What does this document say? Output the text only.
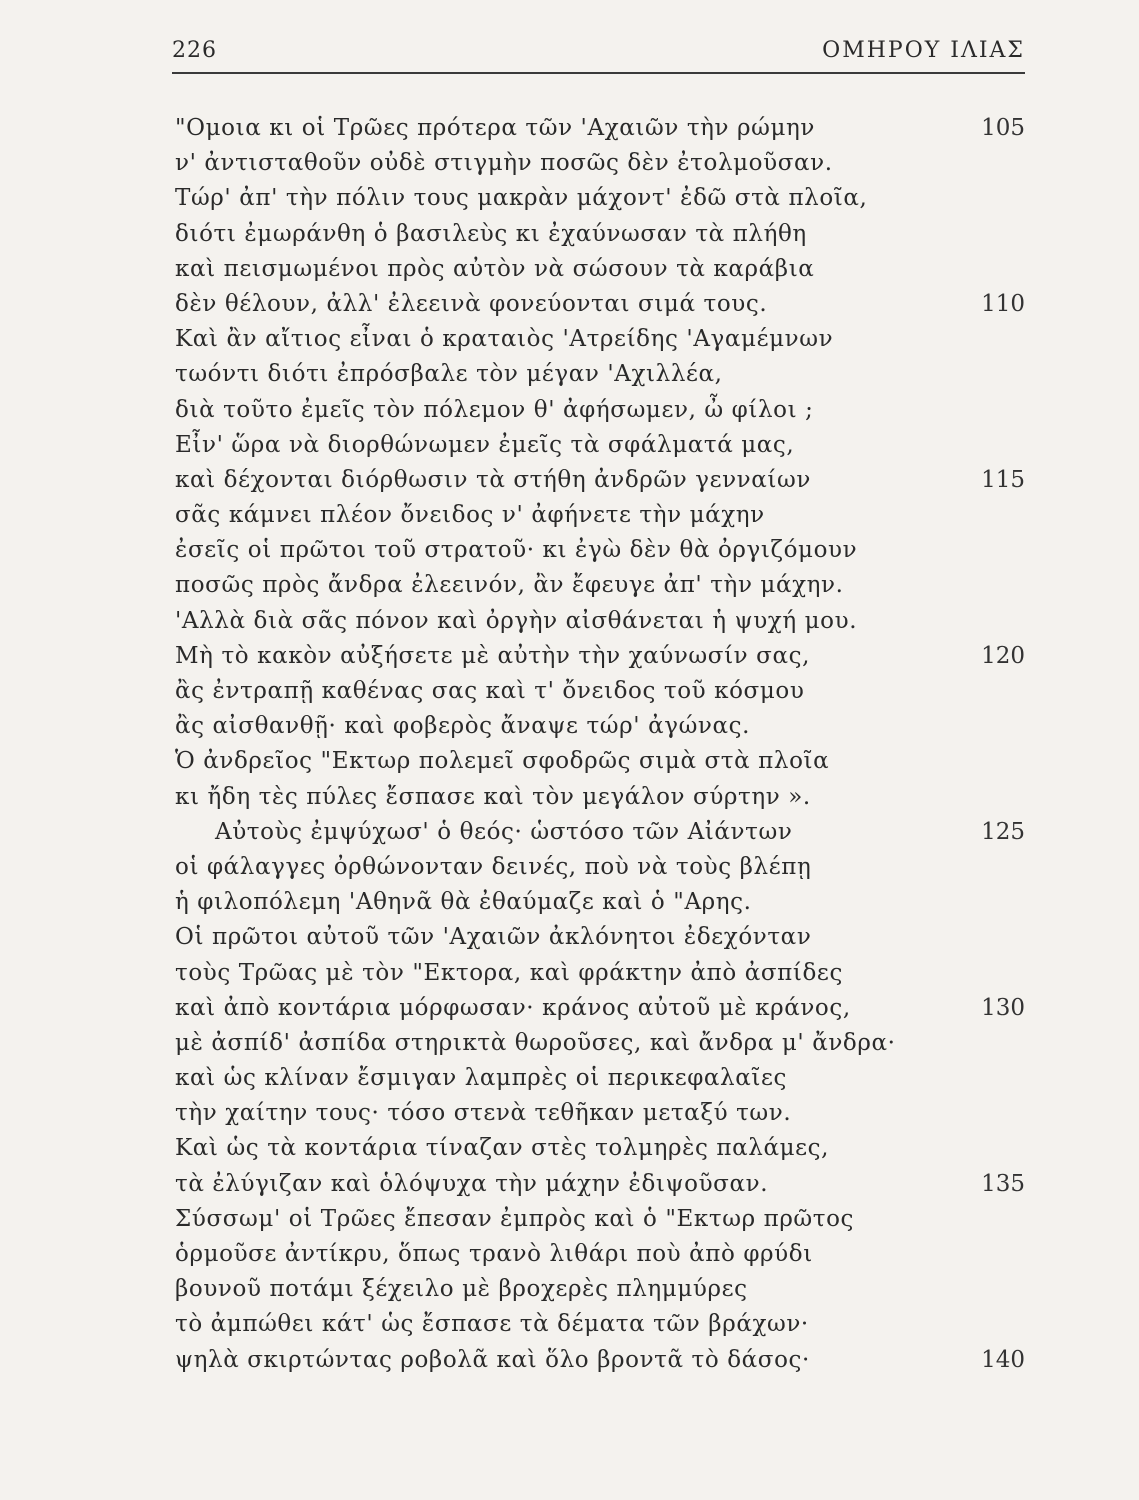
226	ΟΜΗΡΟΥ ΙΛΙΑΣ
"Ομοια κι οἱ Τρῶες πρότερα τῶν 'Αχαιῶν τὴν ρώμην	105
ν' ἀντισταθοῦν οὐδὲ στιγμὴν ποσῶς δὲν ἐτολμοῦσαν.
Τώρ' ἀπ' τὴν πόλιν τους μακρὰν μάχοντ' ἐδῶ στὰ πλοῖα,
διότι ἐμωράνθη ὁ βασιλεὺς κι ἐχαύνωσαν τὰ πλήθη
καὶ πεισμωμένοι πρὸς αὐτὸν νὰ σώσουν τὰ καράβια
δὲν θέλουν, ἀλλ' ἐλεεινὰ φονεύονται σιμά τους.	110
Καὶ ἂν αἴτιος εἶναι ὁ κραταιὸς 'Ατρείδης 'Αγαμέμνων
τωόντι διότι ἐπρόσβαλε τὸν μέγαν 'Αχιλλέα,
διὰ τοῦτο ἐμεῖς τὸν πόλεμον θ' ἀφήσωμεν, ὦ φίλοι ;
Εἶν' ὥρα νὰ διορθώνωμεν ἐμεῖς τὰ σφάλματά μας,
καὶ δέχονται διόρθωσιν τὰ στήθη ἀνδρῶν γενναίων	115
σᾶς κάμνει πλέον ὄνειδος ν' ἀφήνετε τὴν μάχην
ἐσεῖς οἱ πρῶτοι τοῦ στρατοῦ· κι ἐγὼ δὲν θὰ ὀργιζόμουν
ποσῶς πρὸς ἄνδρα ἐλεεινόν, ἂν ἔφευγε ἀπ' τὴν μάχην.
'Αλλὰ διὰ σᾶς πόνον καὶ ὀργὴν αἰσθάνεται ἡ ψυχή μου.
Μὴ τὸ κακὸν αὐξήσετε μὲ αὐτὴν τὴν χαύνωσίν σας,	120
ἂς ἐντραπῇ καθένας σας καὶ τ' ὄνειδος τοῦ κόσμου
ἂς αἰσθανθῇ· καὶ φοβερὸς ἄναψε τώρ' ἀγώνας.
Ὁ ἀνδρεῖος "Εκτωρ πολεμεῖ σφοδρῶς σιμὰ στὰ πλοῖα
κι ἤδη τὲς πύλες ἔσπασε καὶ τὸν μεγάλον σύρτην ».
Αὐτοὺς ἐμψύχωσ' ὁ θεός· ὡστόσο τῶν Αἰάντων	125
οἱ φάλαγγες ὀρθώνονταν δεινές, ποὺ νὰ τοὺς βλέπῃ
ἡ φιλοπόλεμη 'Αθηνᾶ θὰ ἐθαύμαζε καὶ ὁ "Αρης.
Οἱ πρῶτοι αὐτοῦ τῶν 'Αχαιῶν ἀκλόνητοι ἐδεχόνταν
τοὺς Τρῶας μὲ τὸν "Εκτορα, καὶ φράκτην ἀπὸ ἀσπίδες
καὶ ἀπὸ κοντάρια μόρφωσαν· κράνος αὐτοῦ μὲ κράνος,	130
μὲ ἀσπίδ' ἀσπίδα στηρικτὰ θωροῦσες, καὶ ἄνδρα μ' ἄνδρα·
καὶ ὡς κλίναν ἔσμιγαν λαμπρὲς οἱ περικεφαλαῖες
τὴν χαίτην τους· τόσο στενὰ τεθῆκαν μεταξύ των.
Καὶ ὡς τὰ κοντάρια τίναζαν στὲς τολμηρὲς παλάμες,
τὰ ἐλύγιζαν καὶ ὁλόψυχα τὴν μάχην ἐδιψοῦσαν.	135
Σύσσωμ' οἱ Τρῶες ἔπεσαν ἐμπρὸς καὶ ὁ "Εκτωρ πρῶτος
ὁρμοῦσε ἀντίκρυ, ὅπως τρανὸ λιθάρι ποὺ ἀπὸ φρύδι
βουνοῦ ποτάμι ξέχειλο μὲ βροχερὲς πλημμύρες
τὸ ἀμπώθει κάτ' ὡς ἔσπασε τὰ δέματα τῶν βράχων·
ψηλὰ σκιρτώντας ροβολᾶ καὶ ὅλο βροντᾶ τὸ δάσος·	140
